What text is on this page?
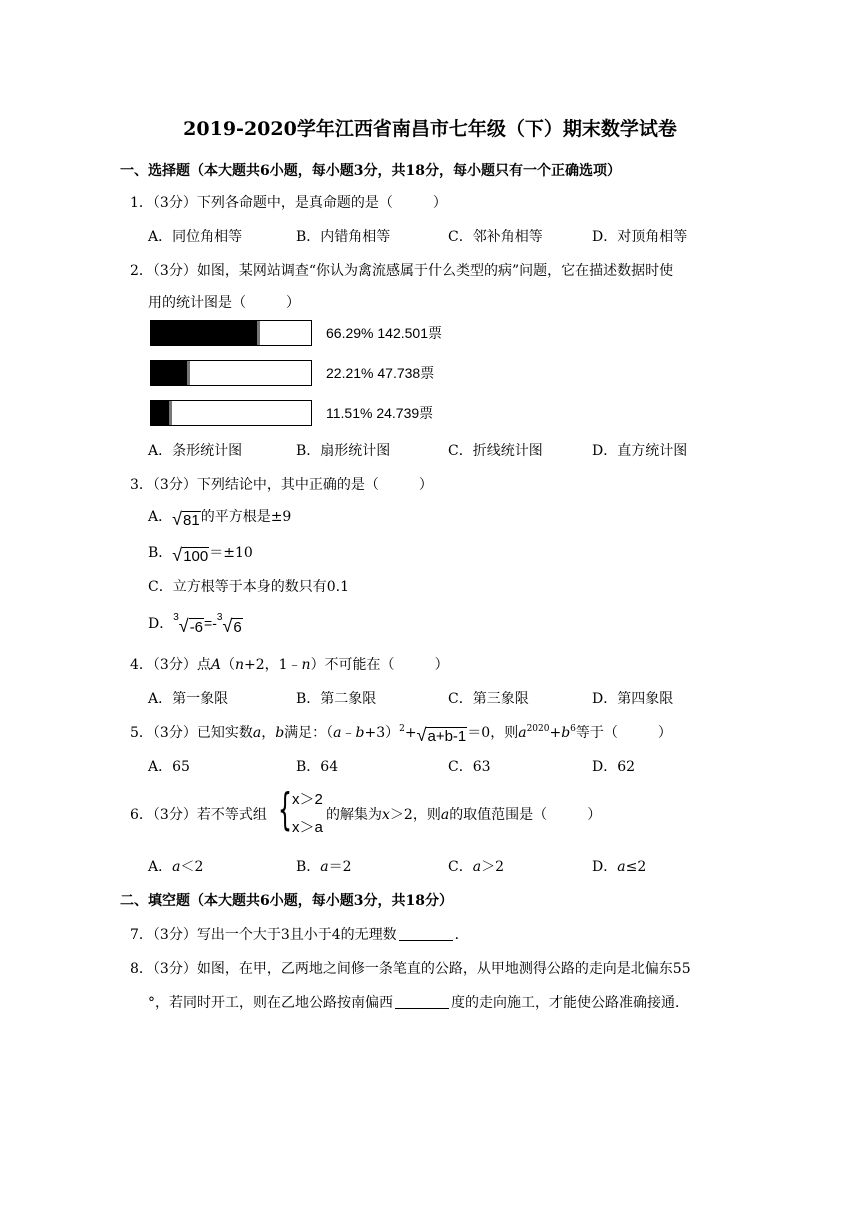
2019-2020学年江西省南昌市七年级（下）期末数学试卷
一、选择题（本大题共6小题，每小题3分，共18分，每小题只有一个正确选项）
1．（3分）下列各命题中，是真命题的是（	）
A．同位角相等	B．内错角相等	C．邻补角相等	D．对顶角相等
2．（3分）如图，某网站调查“你认为禽流感属于什么类型的病”问题，它在描述数据时使
用的统计图是（	）
66.29% 142.501票
22.21% 47.738票
11.51% 24.739票
A．条形统计图	B．扇形统计图	C．折线统计图	D．直方统计图
3．（3分）下列结论中，其中正确的是（	）
A． √ 81 的平方根是±9
B． √ 100 ＝±10
C．立方根等于本身的数只有0.1
D．$^3$ √ -6 =-$^3$ √ 6
4．（3分）点A（n+2，1﹣n）不可能在（	）
A．第一象限	B．第二象限	C．第三象限	D．第四象限
5．（3分）已知实数a，b满足：（a﹣b+3）$^2$+ √ a+b-1 ＝0，则$a^{2020}+b^6$等于（	）
A．65	B．64	C．63	D．62
6．（3分）若不等式组 { x＞2
x＞a
的解集为x＞2，则a的取值范围是（	）
A．a＜2	B．a＝2	C．a＞2	D．a≤2
二、填空题（本大题共6小题，每小题3分，共18分）
7．（3分）写出一个大于3且小于4的无理数	．
8．（3分）如图，在甲，乙两地之间修一条笔直的公路，从甲地测得公路的走向是北偏东55
°，若同时开工，则在乙地公路按南偏西	度的走向施工，才能使公路准确接通．
